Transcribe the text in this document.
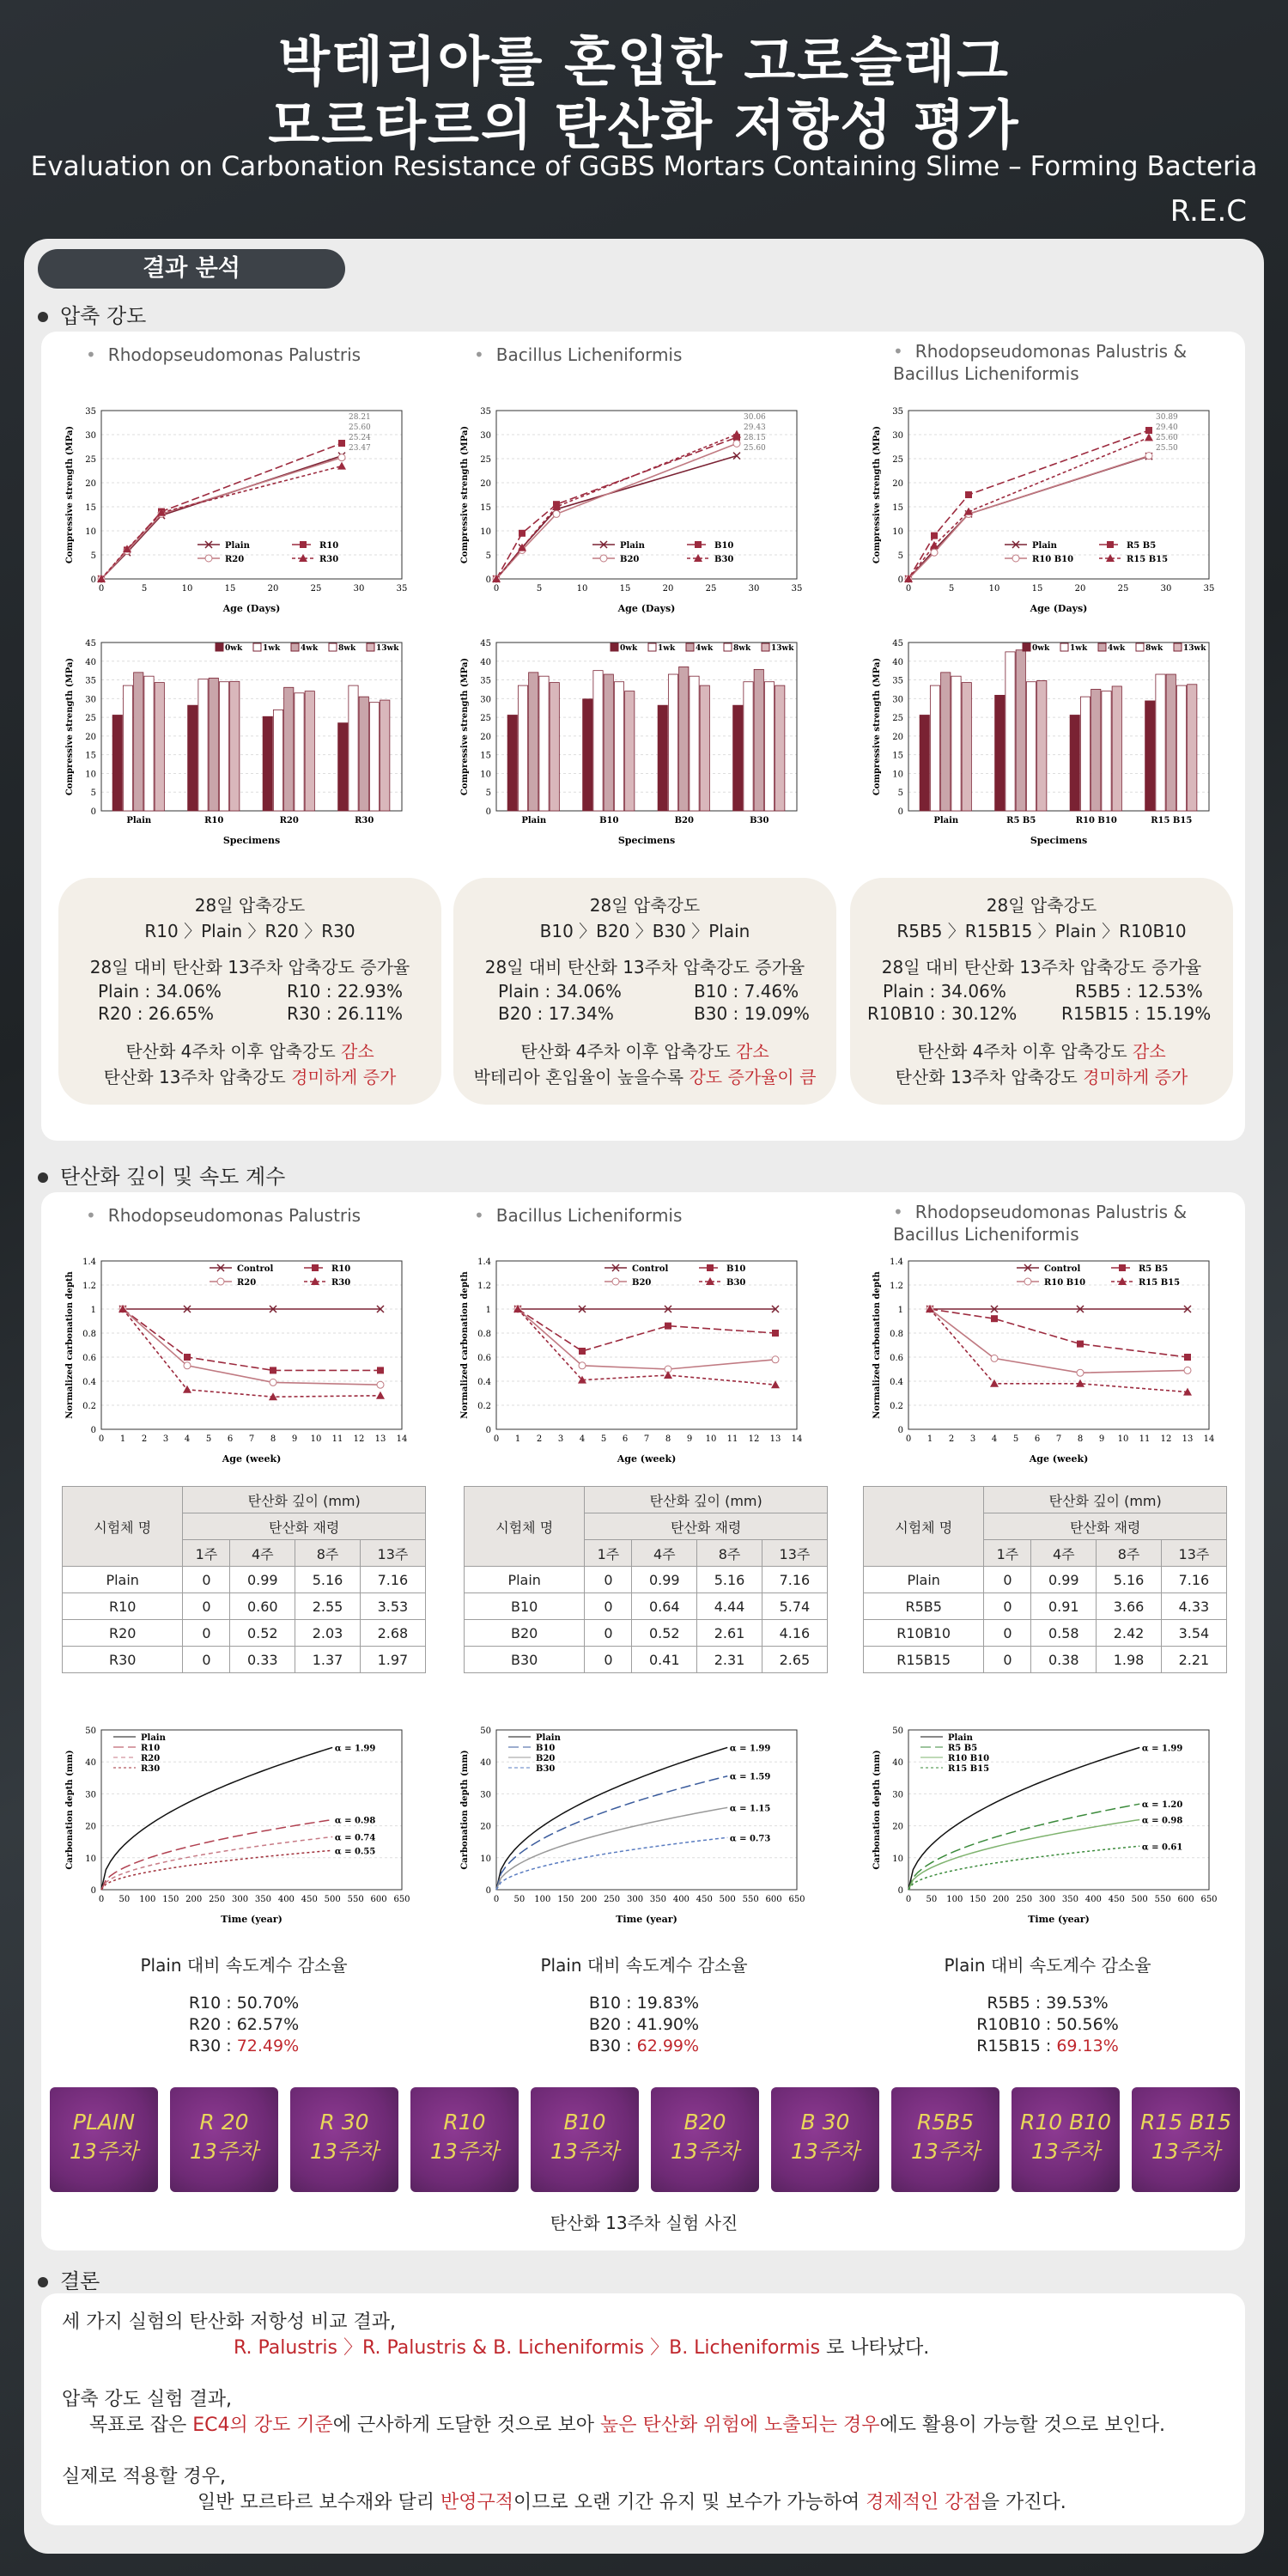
박테리아를 혼입한 고로슬래그
모르타르의 탄산화 저항성 평가
Evaluation on Carbonation Resistance of GGBS Mortars Containing Slime – Forming Bacteria
R.E.C
결과 분석
압축 강도
• Rhodopseudomonas Palustris	• Bacillus Licheniformis	• Rhodopseudomonas Palustris & Bacillus Licheniformis
0
5
10
15
20
25
30
35
0	5	10	15	20	25	30	35
Age (Days)
Compressive strength (MPa)
28.21
25.60
25.24
23.47
Plain	R10
R20	R30
0
5
10
15
20
25
30
35
0	5	10	15	20	25	30	35
Age (Days)
Compressive strength (MPa)
30.06
29.43
28.15
25.60
Plain	B10
B20	B30
0
5
10
15
20
25
30
35
0	5	10	15	20	25	30	35
Age (Days)
Compressive strength (MPa)
30.89
29.40
25.60
25.50
Plain	R5 B5
R10 B10	R15 B15
0
5
10
15
20
25
30
35
40
45
Specimens
Compressive strength (MPa)
Plain	R10	R20	R30
0wk	1wk	4wk	8wk	13wk
0
5
10
15
20
25
30
35
40
45
Specimens
Compressive strength (MPa)
Plain	B10	B20	B30
0wk	1wk	4wk	8wk	13wk
0
5
10
15
20
25
30
35
40
45
Specimens
Compressive strength (MPa)
Plain	R5 B5	R10 B10	R15 B15
0wk	1wk	4wk	8wk	13wk
28일 압축강도
R10 〉Plain 〉R20 〉R30
28일 대비 탄산화 13주차 압축강도 증가율
Plain : 34.06%	R10 : 22.93%
R20 : 26.65%	R30 : 26.11%
탄산화 4주차 이후 압축강도 감소
탄산화 13주차 압축강도 경미하게 증가
28일 압축강도
B10 〉B20 〉B30 〉Plain
28일 대비 탄산화 13주차 압축강도 증가율
Plain : 34.06%	B10 : 7.46%
B20 : 17.34%	B30 : 19.09%
탄산화 4주차 이후 압축강도 감소
박테리아 혼입율이 높을수록 강도 증가율이 큼
28일 압축강도
R5B5 〉R15B15 〉Plain 〉R10B10
28일 대비 탄산화 13주차 압축강도 증가율
Plain : 34.06%	R5B5 : 12.53%
R10B10 : 30.12%	R15B15 : 15.19%
탄산화 4주차 이후 압축강도 감소
탄산화 13주차 압축강도 경미하게 증가
탄산화 깊이 및 속도 계수
• Rhodopseudomonas Palustris	• Bacillus Licheniformis	• Rhodopseudomonas Palustris & Bacillus Licheniformis
0
0.2
0.4
0.6
0.8
1
1.2
1.4
0 1 2 3 4 5 6 7 8 9 10 11 12 13 14
Age (week)
Normalized carbonation depth
Control	R10
R20	R30
0
0.2
0.4
0.6
0.8
1
1.2
1.4
0 1 2 3 4 5 6 7 8 9 10 11 12 13 14
Age (week)
Normalized carbonation depth
Control	B10
B20	B30
0
0.2
0.4
0.6
0.8
1
1.2
1.4
0 1 2 3 4 5 6 7 8 9 10 11 12 13 14
Age (week)
Normalized carbonation depth
Control	R5 B5
R10 B10	R15 B15
시험체 명	탄산화 깊이 (mm)			
	탄산화 재령			
	1주	4주	8주	13주
Plain	0	0.99	5.16	7.16
R10	0	0.60	2.55	3.53
R20	0	0.52	2.03	2.68
R30	0	0.33	1.37	1.97
시험체 명	탄산화 깊이 (mm)			
	탄산화 재령			
	1주	4주	8주	13주
Plain	0	0.99	5.16	7.16
B10	0	0.64	4.44	5.74
B20	0	0.52	2.61	4.16
B30	0	0.41	2.31	2.65
시험체 명	탄산화 깊이 (mm)			
	탄산화 재령			
	1주	4주	8주	13주
Plain	0	0.99	5.16	7.16
R5B5	0	0.91	3.66	4.33
R10B10	0	0.58	2.42	3.54
R15B15	0	0.38	1.98	2.21
0
10
20
30
40
50
0 50 100 150 200 250 300 350 400 450 500 550 600 650
Time (year)
Carbonation depth (mm)
α = 1.99
Plain
α = 0.98
R10
α = 0.74
R20
α = 0.55
R30
0
10
20
30
40
50
0 50 100 150 200 250 300 350 400 450 500 550 600 650
Time (year)
Carbonation depth (mm)
α = 1.99
Plain
α = 1.59
B10
α = 1.15
B20
α = 0.73
B30
0
10
20
30
40
50
0 50 100 150 200 250 300 350 400 450 500 550 600 650
Time (year)
Carbonation depth (mm)
α = 1.99
Plain
α = 1.20
R5 B5
α = 0.98
R10 B10
α = 0.61
R15 B15
Plain 대비 속도계수 감소율
R10 : 50.70%
R20 : 62.57%
R30 : 72.49%
Plain 대비 속도계수 감소율
B10 : 19.83%
B20 : 41.90%
B30 : 62.99%
Plain 대비 속도계수 감소율
R5B5 : 39.53%
R10B10 : 50.56%
R15B15 : 69.13%
PLAIN
13주차
R 20
13주차
R 30
13주차
R10
13주차
B10
13주차
B20
13주차
B 30
13주차
R5B5
13주차
R10 B10
13주차
R15 B15
13주차
탄산화 13주차 실험 사진
결론
세 가지 실험의 탄산화 저항성 비교 결과,
R. Palustris 〉R. Palustris & B. Licheniformis 〉B. Licheniformis 로 나타났다.
압축 강도 실험 결과,
목표로 잡은 EC4의 강도 기준에 근사하게 도달한 것으로 보아 높은 탄산화 위험에 노출되는 경우에도 활용이 가능할 것으로 보인다.
실제로 적용할 경우,
일반 모르타르 보수재와 달리 반영구적이므로 오랜 기간 유지 및 보수가 가능하여 경제적인 강점을 가진다.
